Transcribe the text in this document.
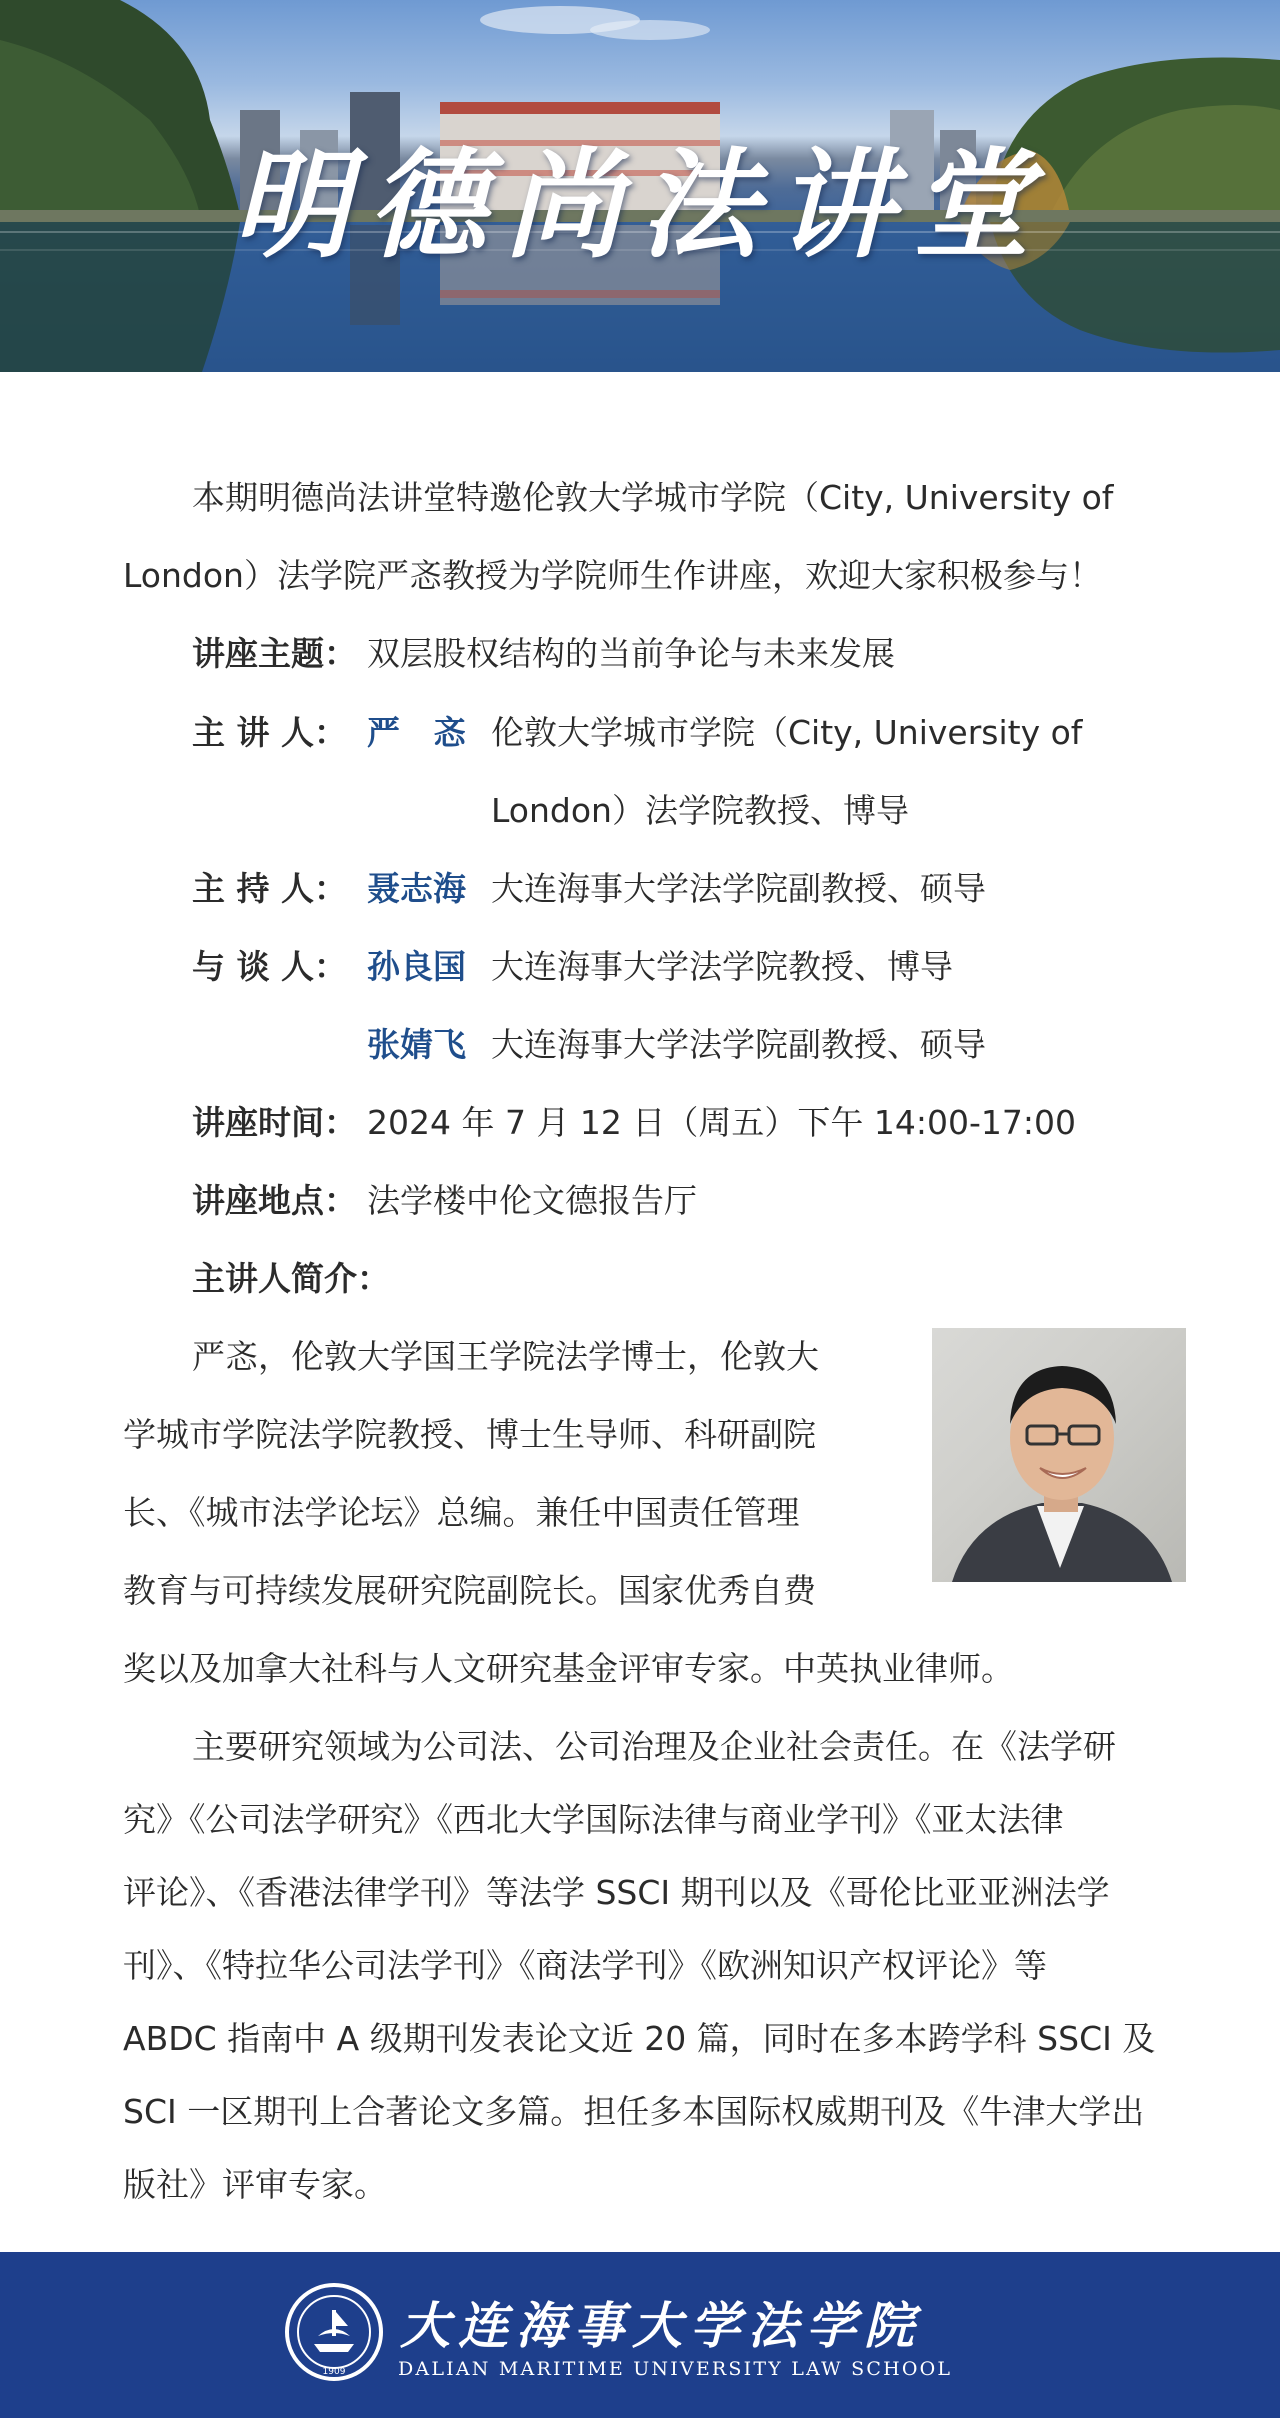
明德尚法讲堂
本期明德尚法讲堂特邀伦敦大学城市学院（City, University of
London）法学院严忞教授为学院师生作讲座，欢迎大家积极参与！
讲座主题： 双层股权结构的当前争论与未来发展
主 讲 人： 严　忞 伦敦大学城市学院（City, University of
London）法学院教授、博导
主 持 人： 聂志海 大连海事大学法学院副教授、硕导
与 谈 人： 孙良国 大连海事大学法学院教授、博导
张婧飞 大连海事大学法学院副教授、硕导
讲座时间： 2024 年 7 月 12 日（周五）下午 14:00-17:00
讲座地点： 法学楼中伦文德报告厅
主讲人简介：
严忞，伦敦大学国王学院法学博士，伦敦大
学城市学院法学院教授、博士生导师、科研副院
长、《城市法学论坛》总编。兼任中国责任管理
教育与可持续发展研究院副院长。国家优秀自费
奖以及加拿大社科与人文研究基金评审专家。中英执业律师。
主要研究领域为公司法、公司治理及企业社会责任。在《法学研
究》《公司法学研究》《西北大学国际法律与商业学刊》《亚太法律
评论》、《香港法律学刊》等法学 SSCI 期刊以及《哥伦比亚亚洲法学
刊》、《特拉华公司法学刊》《商法学刊》《欧洲知识产权评论》等
ABDC 指南中 A 级期刊发表论文近 20 篇，同时在多本跨学科 SSCI 及
SCI 一区期刊上合著论文多篇。担任多本国际权威期刊及《牛津大学出
版社》评审专家。
1909
大连海事大学法学院
DALIAN MARITIME UNIVERSITY LAW SCHOOL
